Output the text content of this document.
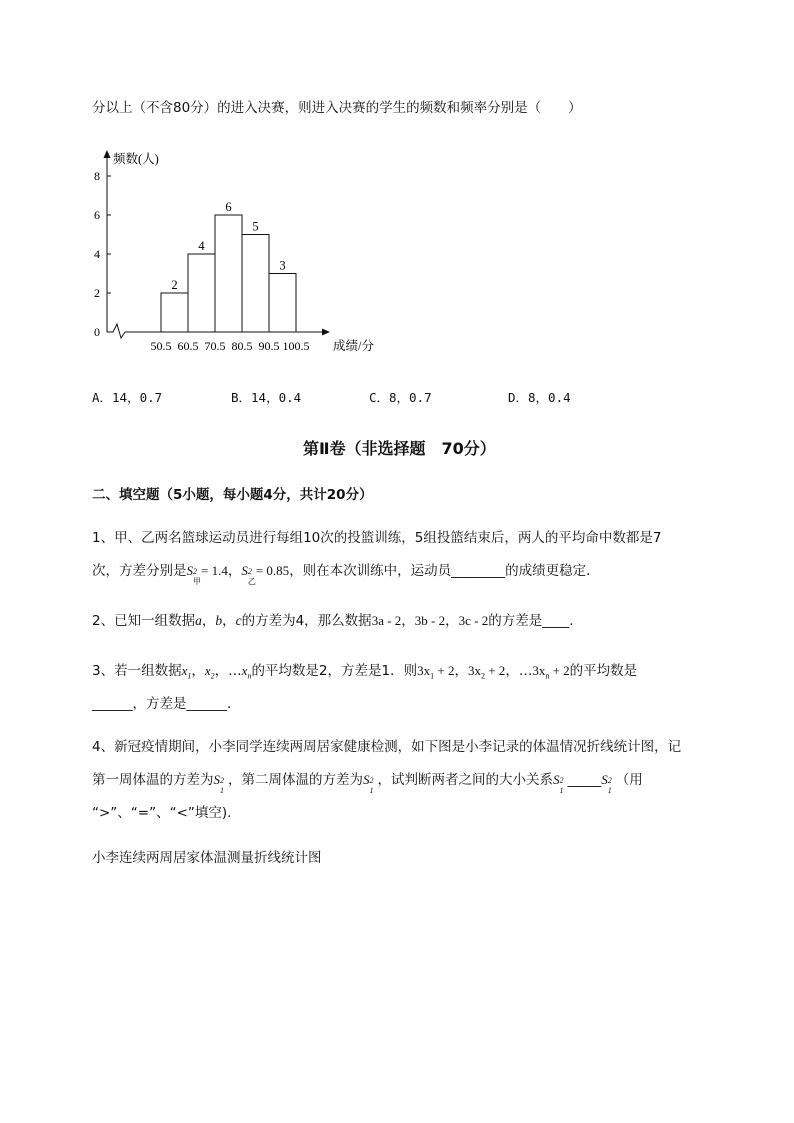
分以上（不含80分）的进入决赛，则进入决赛的学生的频数和频率分别是（　　）
0
2
4
6
8
频数(人)
2
4
6
5
3
50.5 60.5 70.5 80.5 90.5 100.5 成绩/分
A．14，0.7	B．14，0.4	C．8，0.7	D．8，0.4
第Ⅱ卷（非选择题　70分）
二、填空题（5小题，每小题4分，共计20分）
1、甲、乙两名篮球运动员进行每组10次的投篮训练，5组投篮结束后，两人的平均命中数都是7
次，方差分别是S 2
甲
= 1.4，S 2
乙
= 0.85，则在本次训练中，运动员________的成绩更稳定．
2、已知一组数据a，b，c的方差为4，那么数据3a - 2，3b - 2，3c - 2的方差是____.
3、若一组数据$x_1$，$x_2$，$\dots x_n$的平均数是2，方差是1．则$3x_1 + 2$，$3x_2 + 2$，$\dots 3x_n + 2$的平均数是
______，方差是______.
4、新冠疫情期间，小李同学连续两周居家健康检测，如下图是小李记录的体温情况折线统计图，记
第一周体温的方差为S 2
1
，第二周体温的方差为S 2
1
，试判断两者之间的大小关系S 2
1
_____S 2
1
（用
“>”、“=”、“<”填空).
小李连续两周居家体温测量折线统计图
